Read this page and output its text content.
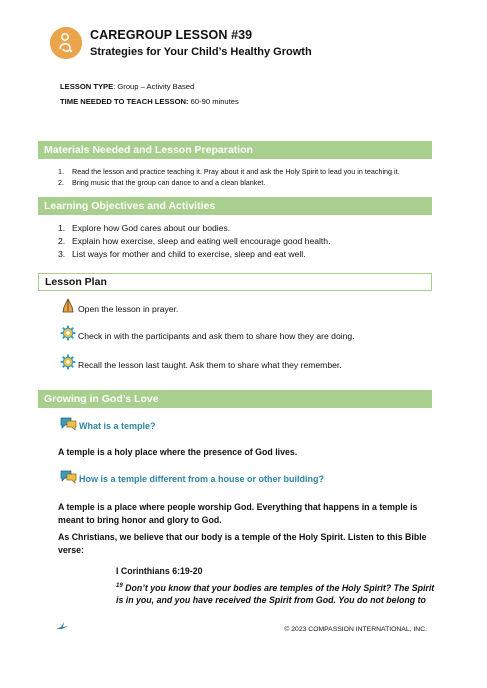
CAREGROUP LESSON #39
Strategies for Your Child’s Healthy Growth
LESSON TYPE: Group – Activity Based
TIME NEEDED TO TEACH LESSON: 60-90 minutes
Materials Needed and Lesson Preparation
1. Read the lesson and practice teaching it. Pray about it and ask the Holy Spirit to lead you in teaching it.
2. Bring music that the group can dance to and a clean blanket.
Learning Objectives and Activities
1. Explore how God cares about our bodies.
2. Explain how exercise, sleep and eating well encourage good health.
3. List ways for mother and child to exercise, sleep and eat well.
Lesson Plan
Open the lesson in prayer.
Check in with the participants and ask them to share how they are doing.
Recall the lesson last taught. Ask them to share what they remember.
Growing in God’s Love
What is a temple?
A temple is a holy place where the presence of God lives.
How is a temple different from a house or other building?
A temple is a place where people worship God. Everything that happens in a temple is meant to bring honor and glory to God.
As Christians, we believe that our body is a temple of the Holy Spirit. Listen to this Bible verse:
I Corinthians 6:19-20
$^{19}$ Don’t you know that your bodies are temples of the Holy Spirit? The Spirit is in you, and you have received the Spirit from God. You do not belong to
© 2023 COMPASSION INTERNATIONAL, INC.
